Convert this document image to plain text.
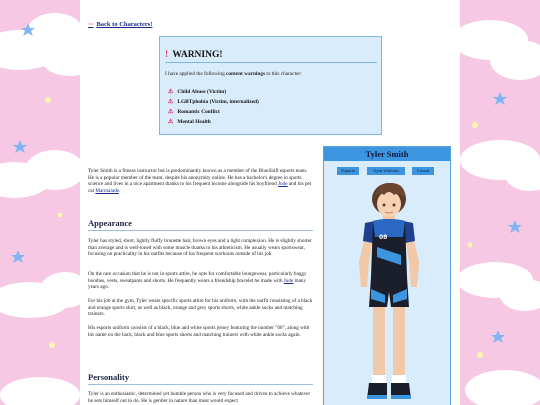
⇦ Back to Characters!
! WARNING!
I have applied the following content warnings to this character:
⚠ Child Abuse (Victim)
⚠ LGBTphobia (Victim, internalized)
⚠ Romantic Conflict
⚠ Mental Health
Tyler Smith is a fitness instructor but is predominantly known as a member of the BlueShift esports team. He is a popular member of the team, despite his anonymity online. He has a bachelor's degree in sports science and lives in a nice apartment thanks to his frequent income alongside his boyfriend Jude and his pet cat Marmalade.
Appearance
Tyler has styled, short, lightly fluffy brunette hair, brown eyes and a light complexion. He is slightly shorter than average and is well-toned with some muscle thanks to his athleticism. He usually wears sportswear, focusing on practicality in his outfits because of his frequent workouts outside of his job.
On the rare occasion that he is not in sports attire, he opts for comfortable loungewear, particularly baggy hoodies, vests, sweatpants and shorts. He frequently wears a friendship bracelet he made with Jude many years ago.
For his job at the gym, Tyler wears specific sports attire for his uniform, with the outfit consisting of a black and orange sports shirt, as well as black, orange and grey sports shorts, white ankle socks and matching trainers.
His esports uniform consists of a black, blue and white sports jersey featuring the number "08", along with his name on the back, black and blue sports shorts and matching trainers with white ankle socks again.
Personality
Tyler is an enthusiastic, determined yet humble person who is very focused and driven to achieve whatever he sets himself out to do. He is gentler in nature than most would expect
Tyler Smith
Esports	Gym Uniform	Casual
08
